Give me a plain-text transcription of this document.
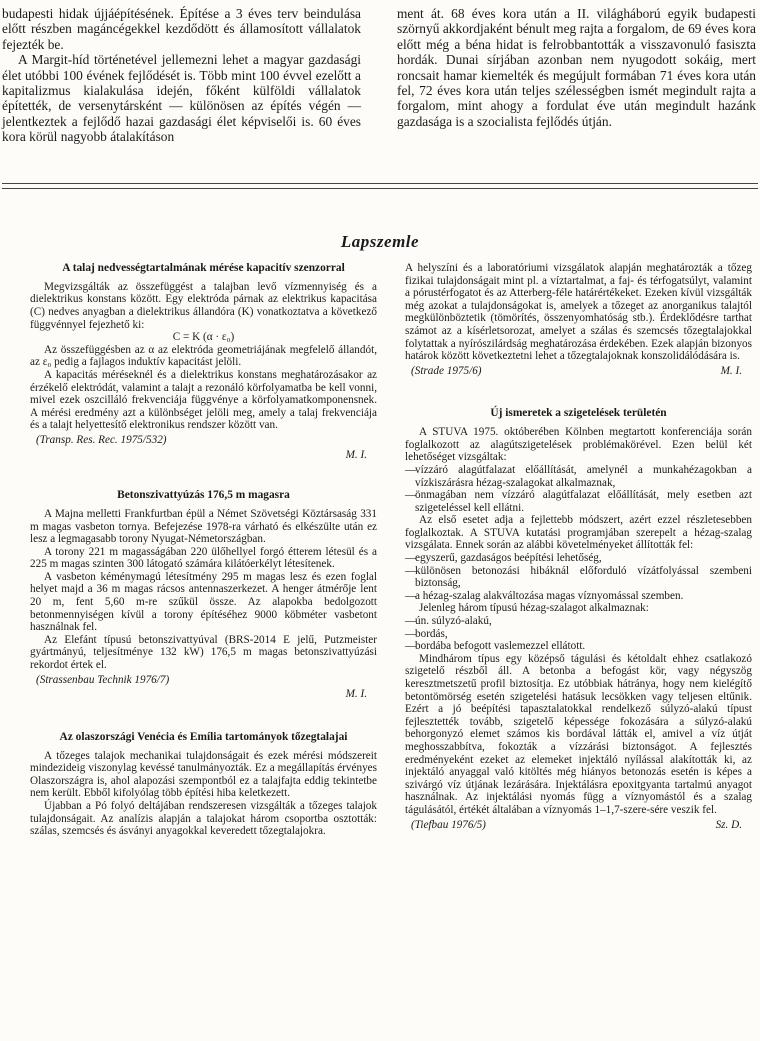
budapesti hidak újjáépítésének. Építése a 3 éves terv beindulása előtt részben magáncégekkel kezdődött és államosított vállalatok fejezték be.

A Margit-híd történetével jellemezni lehet a magyar gazdasági élet utóbbi 100 évének fejlődését is. Több mint 100 évvel ezelőtt a kapitalizmus kialakulása idején, főként külföldi vállalatok építették, de versenytársként — különösen az építés végén — jelentkeztek a fejlődő hazai gazdasági élet képviselői is. 60 éves kora körül nagyobb átalakításon

ment át. 68 éves kora után a II. világháború egyik budapesti szörnyű akkordjaként bénult meg rajta a forgalom, de 69 éves kora előtt még a béna hidat is felrobbantották a visszavonuló fasiszta hordák. Dunai sírjában azonban nem nyugodott sokáig, mert roncsait hamar kiemelték és megújult formában 71 éves kora után fel, 72 éves kora után teljes szélességben ismét megindult rajta a forgalom, mint ahogy a fordulat éve után megindult hazánk gazdasága is a szocialista fejlődés útján.

Lapszemle
A talaj nedvességtartalmának mérése kapacitív szenzorral

Megvizsgálták az összefüggést a talajban levő vízmennyiség és a dielektrikus konstans között. Egy elektróda párnak az elektrikus kapacitása (C) nedves anyagban a dielektrikus állandóra (K) vonatkoztatva a következő függvénnyel fejezhető ki:

C = K (α · ε₀)

Az összefüggésben az α az elektróda geometriájának megfelelő állandót, az ε₀ pedig a fajlagos induktív kapacitást jelöli.

A kapacitás méréseknél és a dielektrikus konstans meghatározásakor az érzékelő elektródát, valamint a talajt a rezonáló körfolyamatba be kell vonni, mivel ezek oszcilláló frekvenciája függvénye a körfolyamatkomponensnek. A mérési eredmény azt a különbséget jelöli meg, amely a talaj frekvenciája és a talajt helyettesítő elektronikus rendszer között van.

(Transp. Res. Rec. 1975/532)
M. I.
Betonszivattyúzás 176,5 m magasra

A Majna melletti Frankfurtban épül a Német Szövetségi Köztársaság 331 m magas vasbeton tornya. Befejezése 1978-ra várható és elkészülte után ez lesz a legmagasabb torony Nyugat-Németországban.

A torony 221 m magasságában 220 ülőhellyel forgó étterem létesül és a 225 m magas szinten 300 látogató számára kilátóerkélyt létesítenek.

A vasbeton kéménymagú létesítmény 295 m magas lesz és ezen foglal helyet majd a 36 m magas rácsos antennaszerkezet. A henger átmérője lent 20 m, fent 5,60 m-re szűkül össze. Az alapokba bedolgozott betonmennyiségen kívül a torony építéséhez 9000 köbméter vasbetont használnak fel.

Az Elefánt típusú betonszivattyúval (BRS-2014 E jelű, Putzmeister gyártmányú, teljesítménye 132 kW) 176,5 m magas betonszivattyúzási rekordot értek el.

(Strassenbau Technik 1976/7)
M. I.
Az olaszországi Venécia és Emília tartományok tőzegtalajai

A tőzeges talajok mechanikai tulajdonságait és ezek mérési módszereit mindezideig viszonylag kevéssé tanulmányozták. Ez a megállapítás érvényes Olaszországra is, ahol alapozási szempontból ez a talajfajta eddig tekintetbe nem került. Ebből kifolyólag több építési hiba keletkezett.

Újabban a Pó folyó deltájában rendszeresen vizsgálták a tőzeges talajok tulajdonságait. Az analízis alapján a talajokat három csoportba osztották: szálas, szemcsés és ásványi anyagokkal keveredett tőzegtalajokra.

A helyszíni és a laboratóriumi vizsgálatok alapján meghatározták a tőzeg fizikai tulajdonságait mint pl. a víztartalmat, a faj- és térfogatsúlyt, valamint a pórustérfogatot és az Atterberg-féle határértékeket. Ezeken kívül vizsgálták még azokat a tulajdonságokat is, amelyek a tőzeget az anorganikus talajtól megkülönböztetik (tömörítés, összenyomhatóság stb.). Érdeklődésre tarthat számot az a kísérletsorozat, amelyet a szálas és szemcsés tőzegtalajokkal folytattak a nyírószilárdság meghatározása érdekében. Ezek alapján bizonyos határok között következtetni lehet a tőzegtalajoknak konszolidálódására is.

(Strade 1975/6)	M. I.
Új ismeretek a szigetelések területén

A STUVA 1975. októberében Kölnben megtartott konferenciája során foglalkozott az alagútszigetelések problémakörével. Ezen belül két lehetőséget vizsgáltak:

— vízzáró alagútfalazat előállítását, amelynél a munkahézagokban a vízkiszárásra hézag-szalagokat alkalmaznak,

— önmagában nem vízzáró alagútfalazat előállítását, mely esetben azt szigeteléssel kell ellátni.

Az első esetet adja a fejlettebb módszert, azért ezzel részletesebben foglalkoztak. A STUVA kutatási programjában szerepelt a hézag-szalag vizsgálata. Ennek során az alábbi követelményeket állították fel:

— egyszerű, gazdaságos beépítési lehetőség,

— különösen betonozási hibáknál előforduló vízátfolyással szembeni biztonság,

— a hézag-szalag alakváltozása magas víznyomással szemben.

Jelenleg három típusú hézag-szalagot alkalmaznak:

— ún. súlyzó-alakú,

— bordás,

— bordába befogott vaslemezzel ellátott.

Mindhárom típus egy középső tágulási és kétoldalt ehhez csatlakozó szigetelő részből áll. A betonba a befogást kör, vagy négyszög keresztmetszetű profil biztosítja. Ez utóbbiak hátránya, hogy nem kielégítő betontömörség esetén szigetelési hatásuk lecsökken vagy teljesen eltűnik. Ezért a jó beépítési tapasztalatokkal rendelkező súlyzó-alakú típust fejlesztették tovább, szigetelő képessége fokozására a súlyzó-alakú behorgonyzó elemet számos kis bordával látták el, amivel a víz útját meghosszabbítva, fokozták a vízzárási biztonságot. A fejlesztés eredményeként ezeket az elemeket injektáló nyílással alakították ki, az injektáló anyaggal való kitöltés még hiányos betonozás esetén is képes a szivárgó víz útjának lezárására. Injektálásra epoxitgyanta tartalmú anyagot használnak. Az injektálási nyomás függ a víznyomástól és a szalag tágulásától, értékét általában a víznyomás 1–1,7-szere-sére veszik fel.

(Tiefbau 1976/5)	Sz. D.
